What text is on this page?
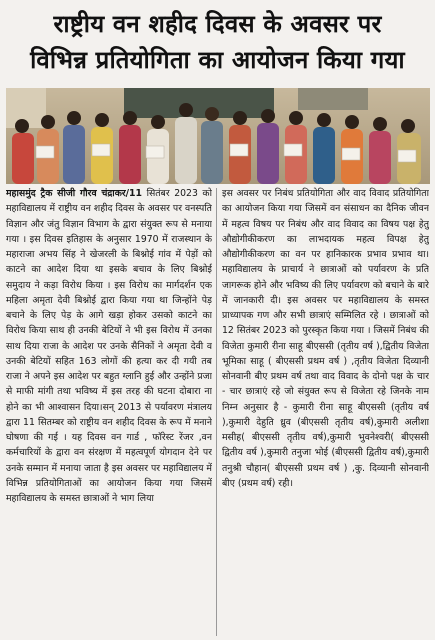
राष्ट्रीय वन शहीद दिवस के अवसर पर
विभिन्न प्रतियोगिता का आयोजन किया गया

महासमुंद ट्रैक सीजी गौरव चंद्राकर/11 सितंबर 2023 को महाविद्यालय में राष्ट्रीय वन शहीद दिवस के अवसर पर वनस्पति विज्ञान और जंतु विज्ञान विभाग के द्वारा संयुक्त रूप से मनाया गया । इस दिवस इतिहास के अनुसार 1970 में राजस्थान के महाराजा अभय सिंह ने खेजरली के बिश्नोई गांव में पेड़ों को काटने का आदेश दिया था इसके बचाव के लिए बिश्नोई समुदाय ने कड़ा विरोध किया । इस विरोध का मार्गदर्शन एक महिला अमृता देवी बिश्नोई द्वारा किया गया था जिन्होंने पेड़ बचाने के लिए पेड़ के आगे खड़ा होकर उसको काटने का विरोध किया साथ ही उनकी बेटियों ने भी इस विरोध में उनका साथ दिया राजा के आदेश पर उनके सैनिकों ने अमृता देवी व उनकी बेटियों सहित 163 लोगों की हत्या कर दी गयी तब राजा ने अपने इस आदेश पर बहुत ग्लानि हुई और उन्होंने प्रजा से माफी मांगी तथा भविष्य में इस तरह की घटना दोबारा ना होने का भी आश्वासन दिया।सन् 2013 से पर्यावरण मंत्रालय द्वारा 11 सितम्बर को राष्ट्रीय वन शहीद दिवस के रूप में मनाने घोषणा की गई । यह दिवस वन गार्ड , फॉरेस्ट रेंजर ,वन कर्मचारियों के द्वारा वन संरक्षण में महत्वपूर्ण योगदान देने पर उनके सम्मान में मनाया जाता है इस अवसर पर महाविद्यालय में विभिन्न प्रतियोगिताओं का आयोजन किया गया जिसमें महाविद्यालय के समस्त छात्राओं ने भाग लिया

इस अवसर पर निबंध प्रतियोगिता और वाद विवाद प्रतियोगिता का आयोजन किया गया जिसमें वन संसाधन का दैनिक जीवन में महत्व विषय पर निबंध और वाद विवाद का विषय पक्ष हेतु औद्योगीकीकरण का लाभदायक महत्व विपक्ष हेतु औद्योगीकीकरण का वन पर हानिकारक प्रभाव प्रभाव था। महाविद्यालय के प्राचार्य ने छात्राओं को पर्यावरण के प्रति जागरूक होने और भविष्य की लिए पर्यावरण को बचाने के बारे में जानकारी दी। इस अवसर पर महाविद्यालय के समस्त प्राध्यापक गण और सभी छात्राएं सम्मिलित रहे । छात्राओं को 12 सितंबर 2023 को पुरस्कृत किया गया । जिसमें निबंध की विजेता कुमारी रीना साहू बीएससी (तृतीय वर्ष ),द्वितीय विजेता भूमिका साहू ( बीएससी प्रथम वर्ष ) ,तृतीय विजेता दिव्यानी सोनवानी बीए प्रथम वर्ष तथा वाद विवाद के दोनो पक्ष के चार - चार छात्राएं रहे जो संयुक्त रूप से विजेता रहे जिनके नाम निम्न अनुसार है - कुमारी रीना साहू बीएससी (तृतीय वर्ष ),कुमारी देहुति ध्रुव (बीएससी तृतीय वर्ष),कुमारी अलीशा मसीह( बीएससी तृतीय वर्ष),कुमारी भुवनेश्वरी( बीएससी द्वितीय वर्ष ),कुमारी तनुजा भोई (बीएससी द्वितीय वर्ष),कुमारी तनुश्री चौहान( बीएससी प्रथम वर्ष ) ,कु. दिव्यानी सोनवानी बीए (प्रथम वर्ष) रही।
